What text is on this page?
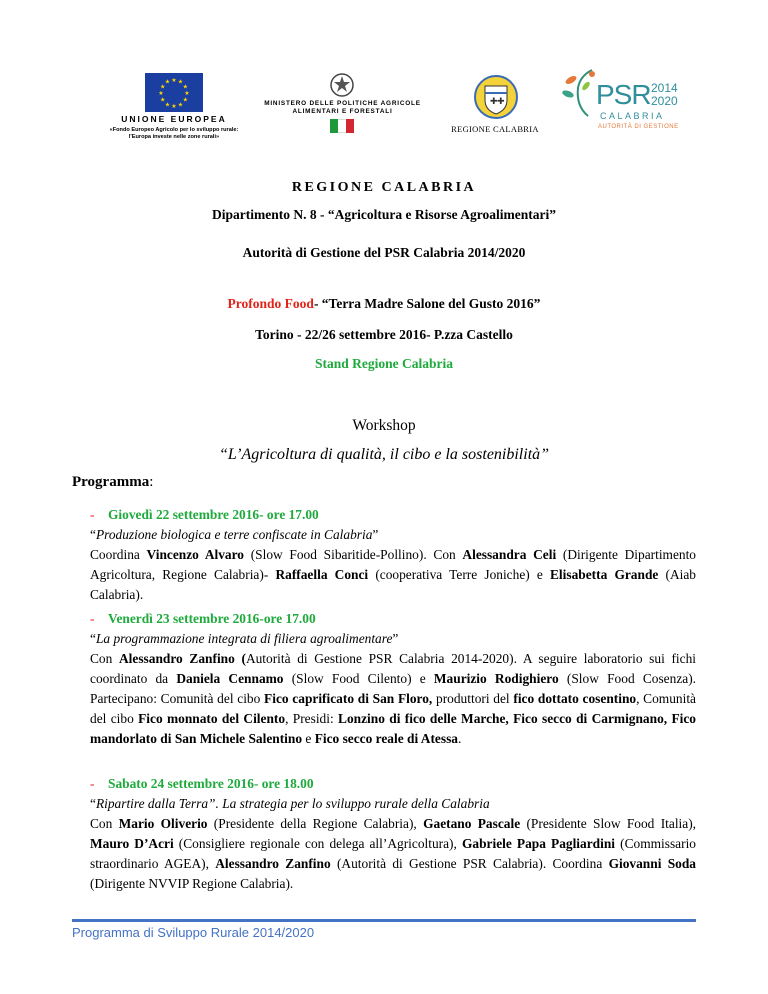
★ ★
★
★
★
★
★
★
★
★
★
★
UNIONE EUROPEA
«Fondo Europeo Agricolo per lo sviluppo rurale:
l'Europa investe nelle zone rurali»
MINISTERO DELLE POLITICHE AGRICOLE
ALIMENTARI E FORESTALI
✚ ✚
REGIONE CALABRIA
PSR 2014
2020
CALABRIA
AUTORITÀ DI GESTIONE
REGIONE CALABRIA
Dipartimento N. 8 - “Agricoltura e Risorse Agroalimentari”
Autorità di Gestione del PSR Calabria 2014/2020
Profondo Food- “Terra Madre Salone del Gusto 2016”
Torino - 22/26 settembre 2016- P.zza Castello
Stand Regione Calabria
Workshop
“L’Agricoltura di qualità, il cibo e la sostenibilità”
Programma:

- Giovedì 22 settembre 2016- ore 17.00

“Produzione biologica e terre confiscate in Calabria”

Coordina Vincenzo Alvaro (Slow Food Sibaritide-Pollino). Con Alessandra Celi (Dirigente Dipartimento Agricoltura, Regione Calabria)- Raffaella Conci (cooperativa Terre Joniche) e Elisabetta Grande (Aiab Calabria).

- Venerdì 23 settembre 2016-ore 17.00

“La programmazione integrata di filiera agroalimentare”

Con Alessandro Zanfino (Autorità di Gestione PSR Calabria 2014-2020). A seguire laboratorio sui fichi coordinato da Daniela Cennamo (Slow Food Cilento) e Maurizio Rodighiero (Slow Food Cosenza). Partecipano: Comunità del cibo Fico caprificato di San Floro, produttori del fico dottato cosentino, Comunità del cibo Fico monnato del Cilento, Presidi: Lonzino di fico delle Marche, Fico secco di Carmignano, Fico mandorlato di San Michele Salentino e Fico secco reale di Atessa.

- Sabato 24 settembre 2016- ore 18.00

“Ripartire dalla Terra”. La strategia per lo sviluppo rurale della Calabria

Con Mario Oliverio (Presidente della Regione Calabria), Gaetano Pascale (Presidente Slow Food Italia), Mauro D’Acri (Consigliere regionale con delega all’Agricoltura), Gabriele Papa Pagliardini (Commissario straordinario AGEA), Alessandro Zanfino (Autorità di Gestione PSR Calabria). Coordina Giovanni Soda (Dirigente NVVIP Regione Calabria).

Programma di Sviluppo Rurale 2014/2020
